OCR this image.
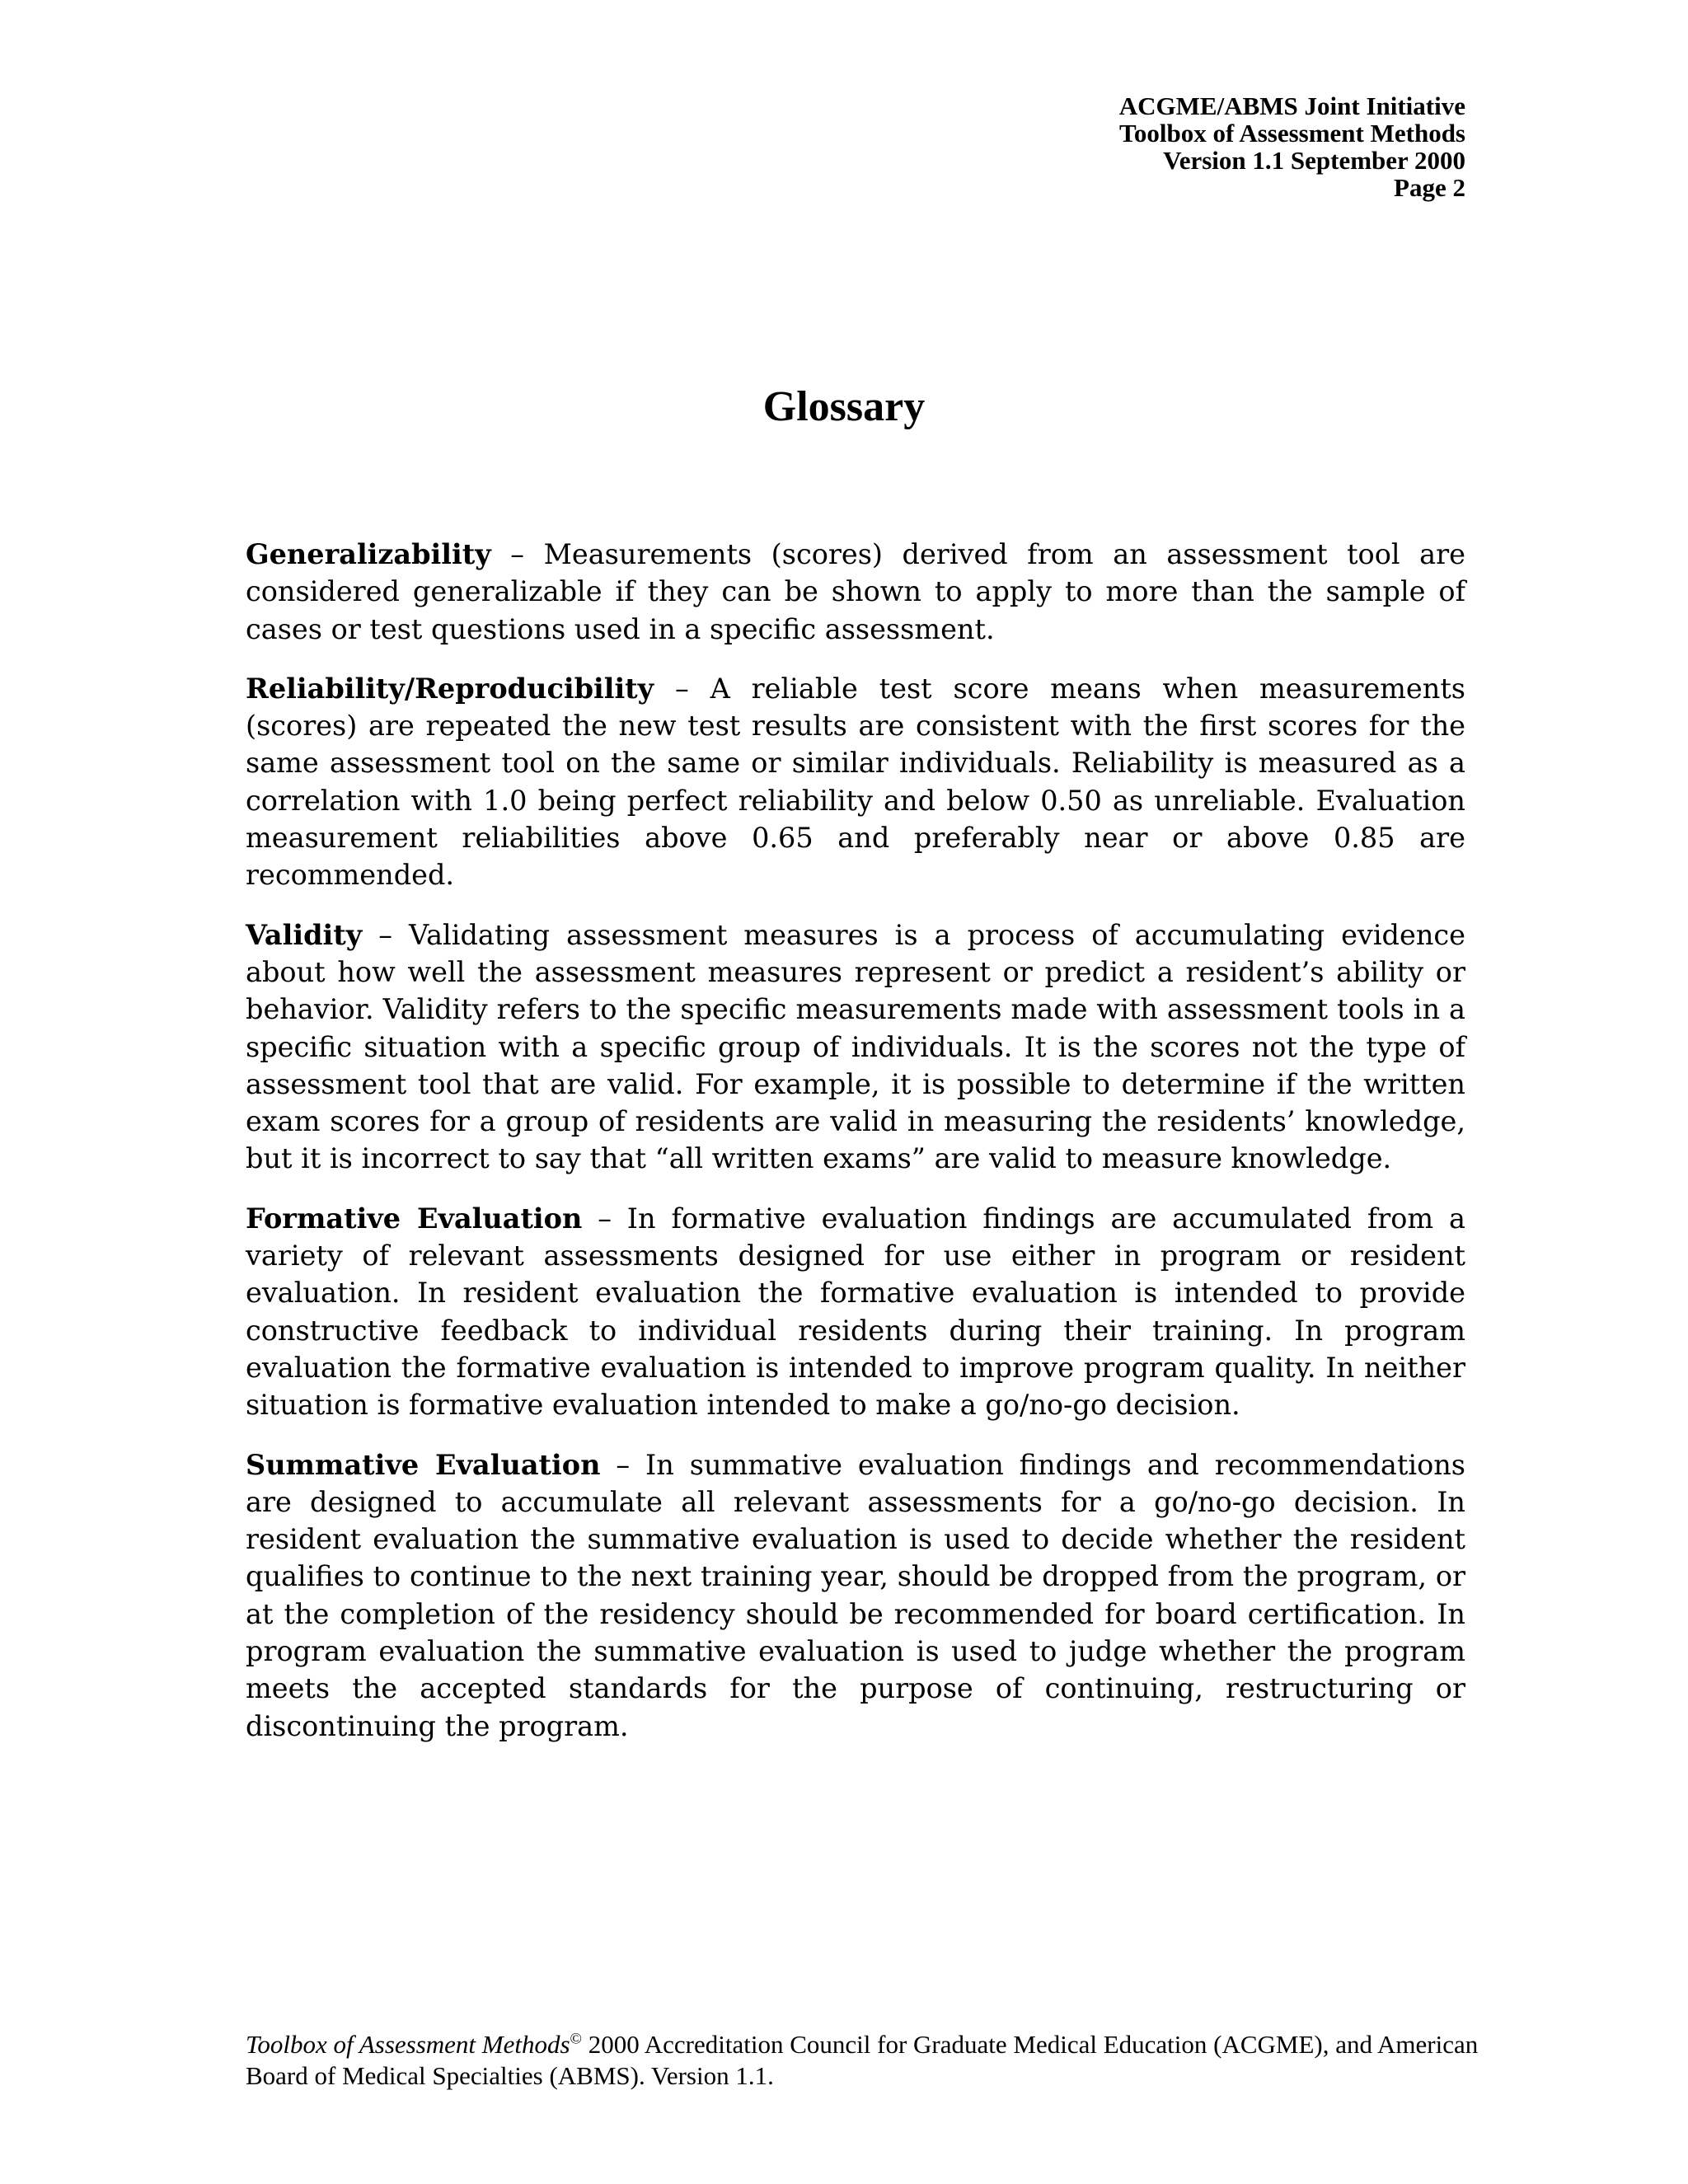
ACGME/ABMS Joint Initiative
Toolbox of Assessment Methods
Version 1.1 September 2000
Page 2
Glossary

Generalizability – Measurements (scores) derived from an assessment tool are considered generalizable if they can be shown to apply to more than the sample of cases or test questions used in a specific assessment.

Reliability/Reproducibility – A reliable test score means when measurements (scores) are repeated the new test results are consistent with the first scores for the same assessment tool on the same or similar individuals. Reliability is measured as a correlation with 1.0 being perfect reliability and below 0.50 as unreliable. Evaluation measurement reliabilities above 0.65 and preferably near or above 0.85 are recommended.

Validity – Validating assessment measures is a process of accumulating evidence about how well the assessment measures represent or predict a resident’s ability or behavior. Validity refers to the specific measurements made with assessment tools in a specific situation with a specific group of individuals. It is the scores not the type of assessment tool that are valid. For example, it is possible to determine if the written exam scores for a group of residents are valid in measuring the residents’ knowledge, but it is incorrect to say that “all written exams” are valid to measure knowledge.

Formative Evaluation – In formative evaluation findings are accumulated from a variety of relevant assessments designed for use either in program or resident evaluation. In resident evaluation the formative evaluation is intended to provide constructive feedback to individual residents during their training. In program evaluation the formative evaluation is intended to improve program quality. In neither situation is formative evaluation intended to make a go/no-go decision.

Summative Evaluation – In summative evaluation findings and recommendations are designed to accumulate all relevant assessments for a go/no-go decision. In resident evaluation the summative evaluation is used to decide whether the resident qualifies to continue to the next training year, should be dropped from the program, or at the completion of the residency should be recommended for board certification. In program evaluation the summative evaluation is used to judge whether the program meets the accepted standards for the purpose of continuing, restructuring or discontinuing the program.

Toolbox of Assessment Methods© 2000 Accreditation Council for Graduate Medical Education (ACGME), and American Board of Medical Specialties (ABMS). Version 1.1.
